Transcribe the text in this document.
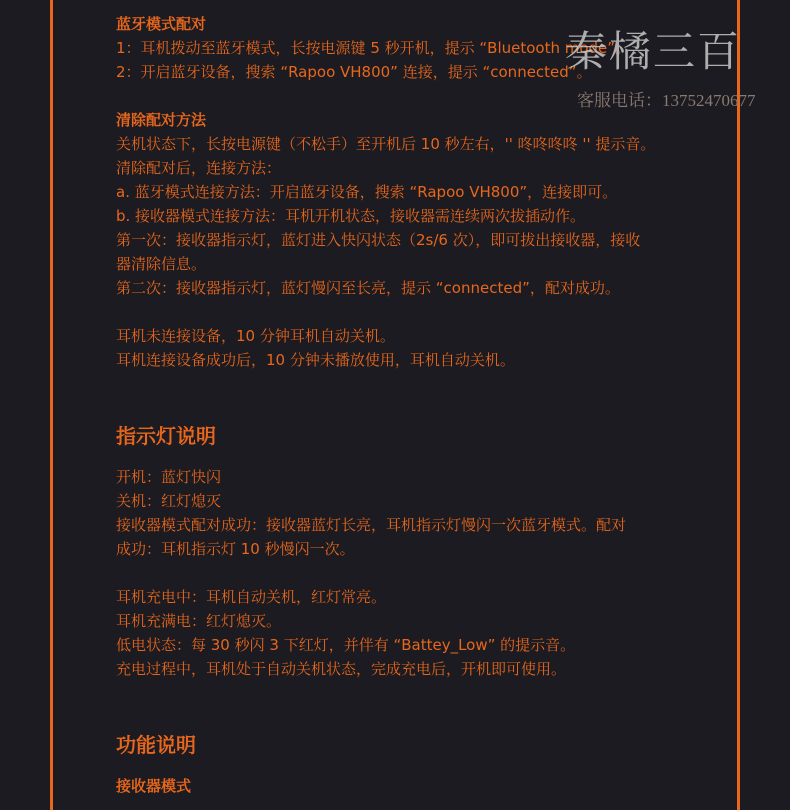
蓝牙模式配对
1：耳机拨动至蓝牙模式，长按电源键 5 秒开机，提示 “Bluetooth mode”。
2：开启蓝牙设备，搜索 “Rapoo VH800” 连接，提示 “connected”。
清除配对方法
关机状态下，长按电源键（不松手）至开机后 10 秒左右，'' 咚咚咚咚 '' 提示音。
清除配对后，连接方法：
a. 蓝牙模式连接方法：开启蓝牙设备，搜索 “Rapoo VH800”，连接即可。
b. 接收器模式连接方法：耳机开机状态，接收器需连续两次拔插动作。
第一次：接收器指示灯，蓝灯进入快闪状态（2s/6 次），即可拔出接收器，接收
器清除信息。
第二次：接收器指示灯，蓝灯慢闪至长亮，提示 “connected”，配对成功。
耳机未连接设备，10 分钟耳机自动关机。
耳机连接设备成功后，10 分钟未播放使用，耳机自动关机。
指示灯说明
开机：蓝灯快闪
关机：红灯熄灭
接收器模式配对成功：接收器蓝灯长亮，耳机指示灯慢闪一次蓝牙模式。配对
成功：耳机指示灯 10 秒慢闪一次。
耳机充电中：耳机自动关机，红灯常亮。
耳机充满电：红灯熄灭。
低电状态：每 30 秒闪 3 下红灯，并伴有 “Battey_Low” 的提示音。
充电过程中，耳机处于自动关机状态，完成充电后，开机即可使用。
功能说明
接收器模式
秦橘三百
客服电话：13752470677
